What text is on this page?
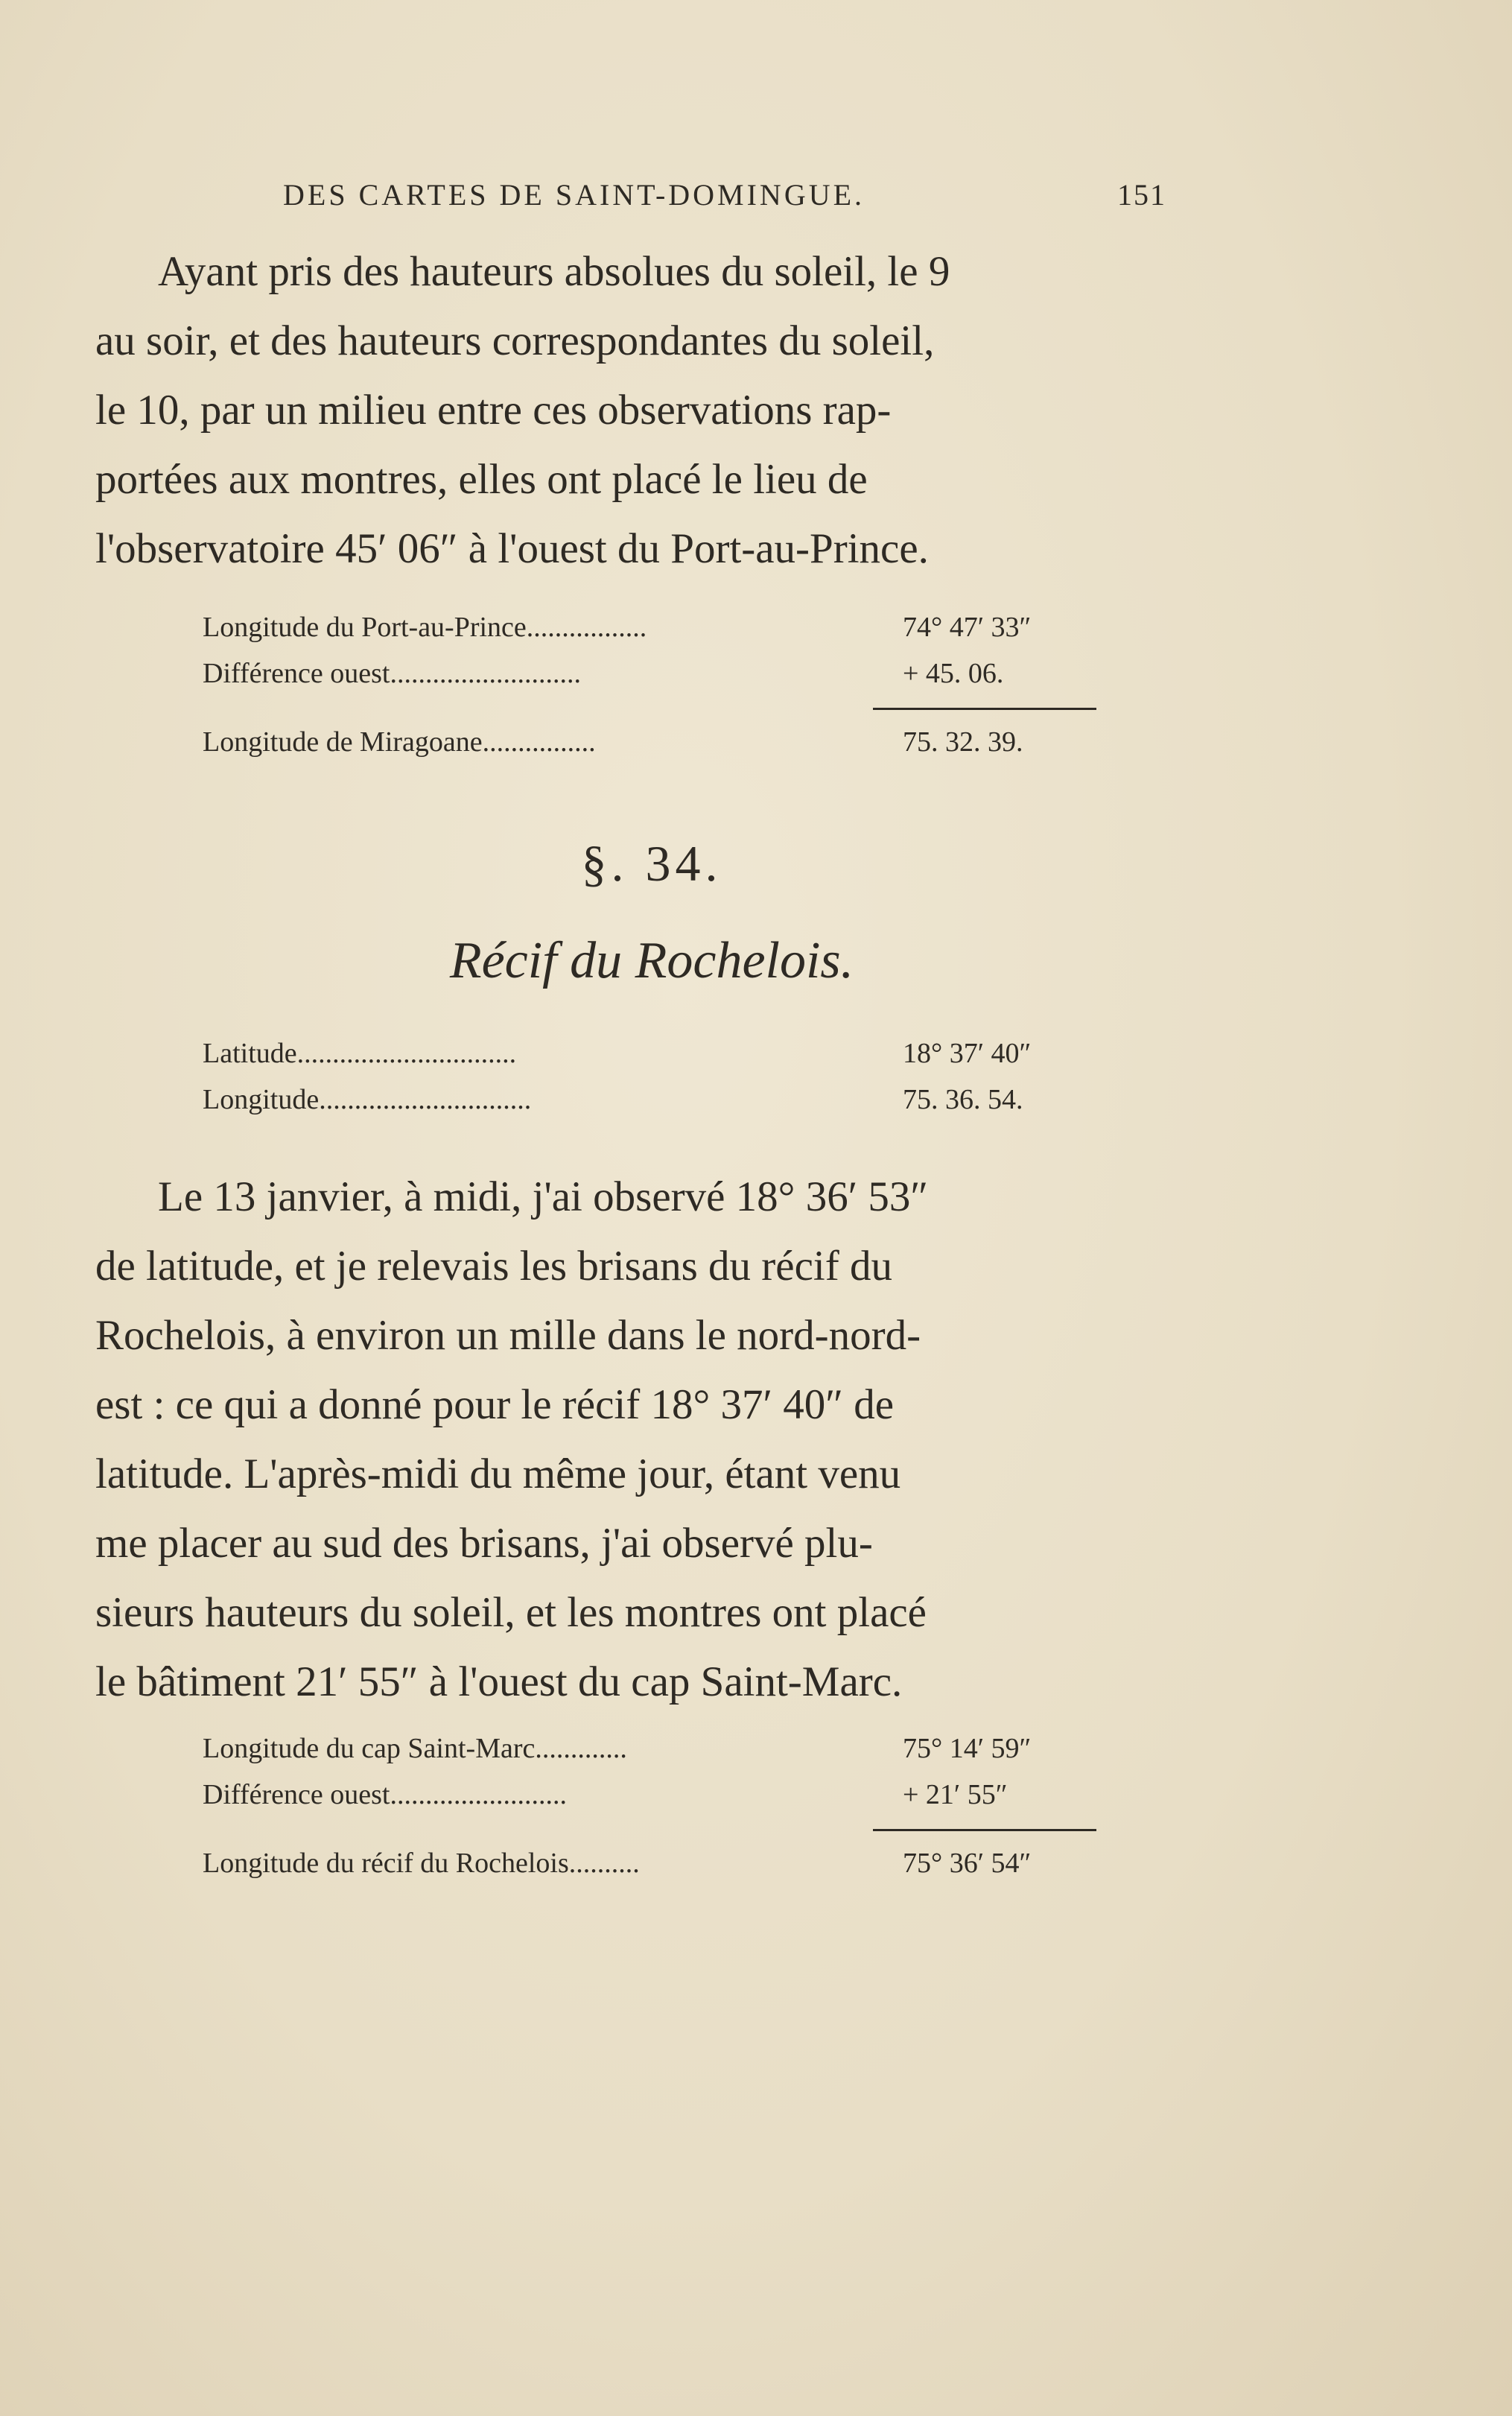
DES CARTES DE SAINT-DOMINGUE.	151
Ayant pris des hauteurs absolues du soleil, le 9
au soir, et des hauteurs correspondantes du soleil,
le 10, par un milieu entre ces observations rap-
portées aux montres, elles ont placé le lieu de
l'observatoire 45′ 06″ à l'ouest du Port-au-Prince.
Longitude du Port-au-Prince.................	74° 47′ 33″
Différence ouest...........................	+ 45. 06.
Longitude de Miragoane................	75. 32. 39.
§. 34.
Récif du Rochelois.
Latitude...............................	18° 37′ 40″
Longitude..............................	75. 36. 54.
Le 13 janvier, à midi, j'ai observé 18° 36′ 53″
de latitude, et je relevais les brisans du récif du
Rochelois, à environ un mille dans le nord-nord-
est : ce qui a donné pour le récif 18° 37′ 40″ de
latitude. L'après-midi du même jour, étant venu
me placer au sud des brisans, j'ai observé plu-
sieurs hauteurs du soleil, et les montres ont placé
le bâtiment 21′ 55″ à l'ouest du cap Saint-Marc.
Longitude du cap Saint-Marc.............	75° 14′ 59″
Différence ouest.........................	+ 21′ 55″
Longitude du récif du Rochelois..........	75° 36′ 54″
